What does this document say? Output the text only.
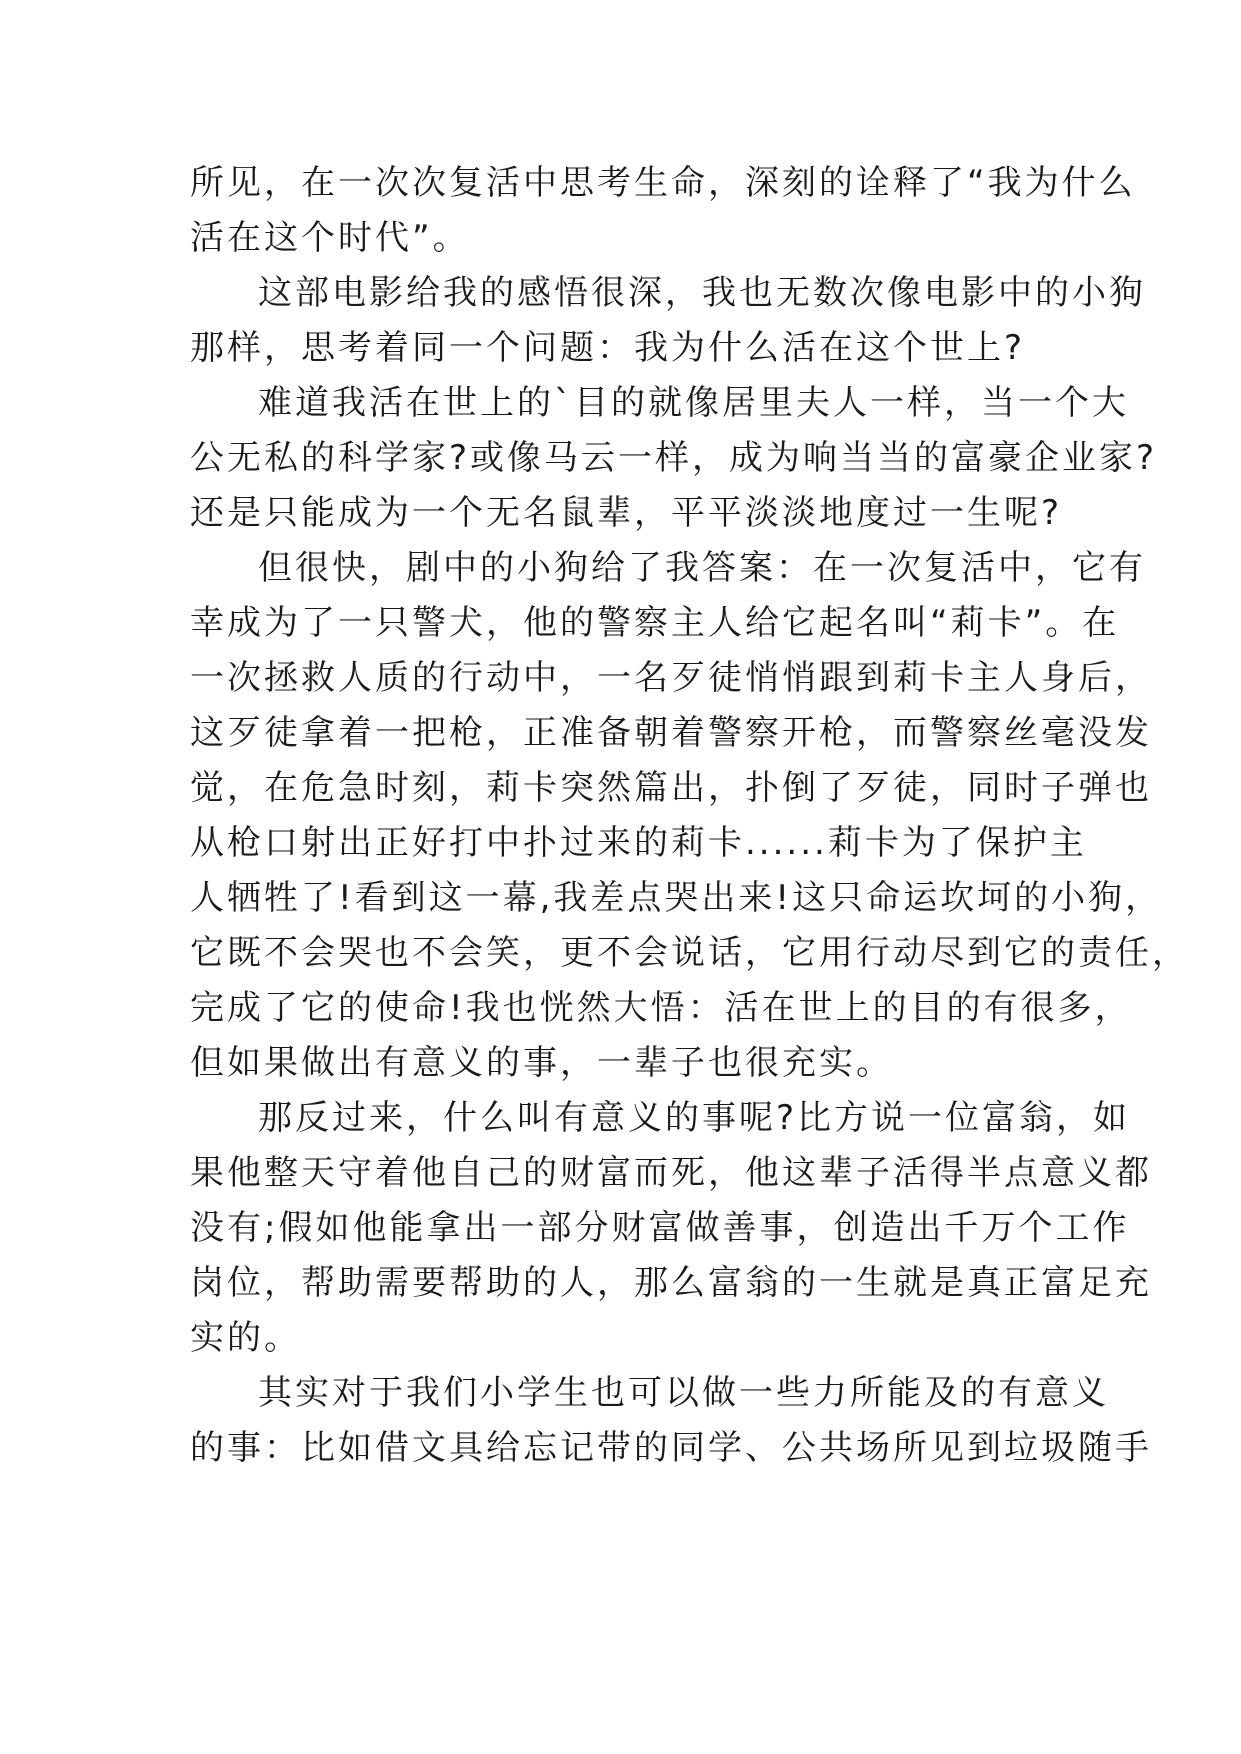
所见，在一次次复活中思考生命，深刻的诠释了“我为什么
活在这个时代”。
这部电影给我的感悟很深，我也无数次像电影中的小狗
那样，思考着同一个问题：我为什么活在这个世上?
难道我活在世上的`目的就像居里夫人一样，当一个大
公无私的科学家?或像马云一样，成为响当当的富豪企业家?
还是只能成为一个无名鼠辈，平平淡淡地度过一生呢?
但很快，剧中的小狗给了我答案：在一次复活中，它有
幸成为了一只警犬，他的警察主人给它起名叫“莉卡”。在
一次拯救人质的行动中，一名歹徒悄悄跟到莉卡主人身后，
这歹徒拿着一把枪，正准备朝着警察开枪，而警察丝毫没发
觉，在危急时刻，莉卡突然篇出，扑倒了歹徒，同时子弹也
从枪口射出正好打中扑过来的莉卡......莉卡为了保护主
人牺牲了!看到这一幕,我差点哭出来!这只命运坎坷的小狗，
它既不会哭也不会笑，更不会说话，它用行动尽到它的责任，
完成了它的使命!我也恍然大悟：活在世上的目的有很多，
但如果做出有意义的事，一辈子也很充实。
那反过来，什么叫有意义的事呢?比方说一位富翁，如
果他整天守着他自己的财富而死，他这辈子活得半点意义都
没有;假如他能拿出一部分财富做善事，创造出千万个工作
岗位，帮助需要帮助的人，那么富翁的一生就是真正富足充
实的。
其实对于我们小学生也可以做一些力所能及的有意义
的事：比如借文具给忘记带的同学、公共场所见到垃圾随手
